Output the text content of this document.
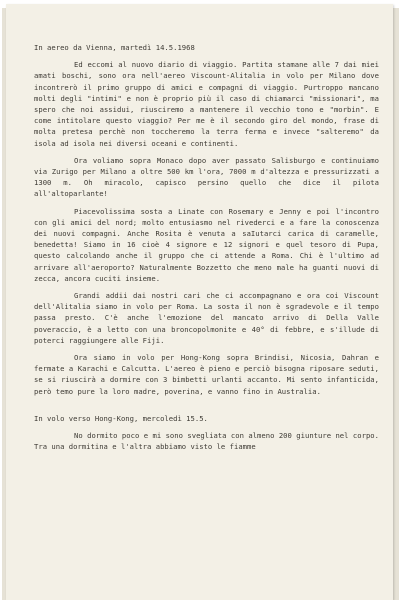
In aereo da Vienna, martedì 14.5.1968

Ed eccomi al nuovo diario di viaggio. Partita stamane alle 7 dai miei amati boschi, sono ora nell'aereo Viscount-Alitalia in volo per Milano dove incontrerò il primo gruppo di amici e compagni di viaggio. Purtroppo mancano molti degli "intimi" e non è proprio più il caso di chiamarci "missionari", ma spero che noi assidui, riusciremo a mantenere il vecchio tono e "morbin". E come intitolare questo viaggio? Per me è il secondo giro del mondo, frase di molta pretesa perchè non toccheremo la terra ferma e invece "salteremo" da isola ad isola nei diversi oceani e continenti.

Ora voliamo sopra Monaco dopo aver passato Salisburgo e continuiamo via Zurigo per Milano a oltre 500 km l'ora, 7000 m d'altezza e pressurizzati a 1300 m. Oh miracolo, capisco persino quello che dice il pilota all'altoparlante!

Piacevolissima sosta a Linate con Rosemary e Jenny e poi l'incontro con gli amici del nord; molto entusiasmo nel rivederci e a fare la conoscenza dei nuovi compagni. Anche Rosita è venuta a saIutarci carica di caramelle, benedetta! Siamo in 16 cioè 4 signore e 12 signori e quel tesoro di Pupa, questo calcolando anche il gruppo che ci attende a Roma. Chi è l'ultimo ad arrivare all'aeroporto? Naturalmente Bozzetto che meno male ha guanti nuovi di zecca, ancora cuciti insieme.

Grandi addii dai nostri cari che ci accompagnano e ora coi Viscount dell'Alitalia siamo in volo per Roma. La sosta il non è sgradevole e il tempo passa presto. C'è anche l'emozione del mancato arrivo di Della Valle poveraccio, è a letto con una broncopolmonite e 40° di febbre, e s'illude di poterci raggiungere alle Fiji.

Ora siamo in volo per Hong-Kong sopra Brindisi, Nicosia, Dahran e fermate a Karachi e Calcutta. L'aereo è pieno e perciò bisogna riposare seduti, se si riuscirà a dormire con 3 bimbetti urlanti accanto. Mi sento infanticida, però temo pure la loro madre, poverina, e vanno fino in Australia.

In volo verso Hong-Kong, mercoledì 15.5.

No dormito poco e mi sono svegliata con almeno 200 giunture nel corpo. Tra una dormitina e l'altra abbiamo visto le fiamme
